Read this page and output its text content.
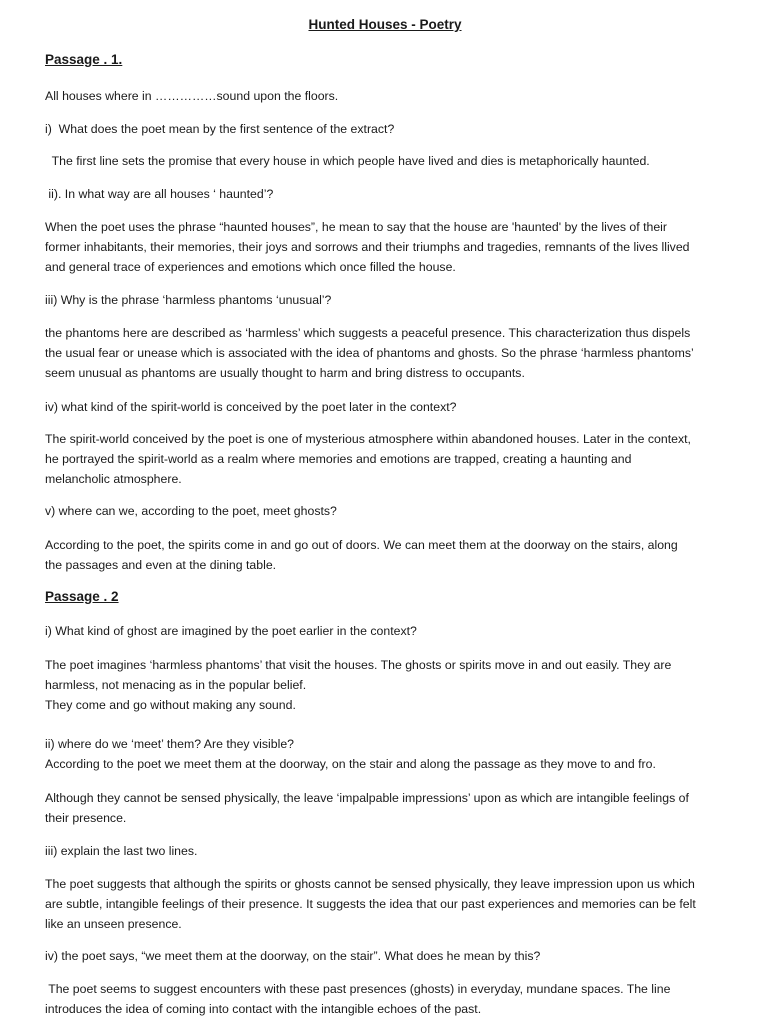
Hunted Houses - Poetry
Passage . 1.

All houses where in ……………sound upon the floors.

i)  What does the poet mean by the first sentence of the extract?

The first line sets the promise that every house in which people have lived and dies is metaphorically haunted.

ii). In what way are all houses ‘ haunted’?

When the poet uses the phrase “haunted houses”, he mean to say that the house are 'haunted' by the lives of their
former inhabitants, their memories, their joys and sorrows and their triumphs and tragedies, remnants of the lives llived
and general trace of experiences and emotions which once filled the house.

iii) Why is the phrase ‘harmless phantoms ‘unusual’?

the phantoms here are described as ‘harmless’ which suggests a peaceful presence. This characterization thus dispels
the usual fear or unease which is associated with the idea of phantoms and ghosts. So the phrase ‘harmless phantoms’
seem unusual as phantoms are usually thought to harm and bring distress to occupants.

iv) what kind of the spirit-world is conceived by the poet later in the context?

The spirit-world conceived by the poet is one of mysterious atmosphere within abandoned houses. Later in the context,
he portrayed the spirit-world as a realm where memories and emotions are trapped, creating a haunting and
melancholic atmosphere.

v) where can we, according to the poet, meet ghosts?

According to the poet, the spirits come in and go out of doors. We can meet them at the doorway on the stairs, along
the passages and even at the dining table.

Passage . 2

i) What kind of ghost are imagined by the poet earlier in the context?

The poet imagines ‘harmless phantoms’ that visit the houses. The ghosts or spirits move in and out easily. They are
harmless, not menacing as in the popular belief.
They come and go without making any sound.

ii) where do we ‘meet’ them? Are they visible?
According to the poet we meet them at the doorway, on the stair and along the passage as they move to and fro.

Although they cannot be sensed physically, the leave ‘impalpable impressions’ upon as which are intangible feelings of
their presence.

iii) explain the last two lines.

The poet suggests that although the spirits or ghosts cannot be sensed physically, they leave impression upon us which
are subtle, intangible feelings of their presence. It suggests the idea that our past experiences and memories can be felt
like an unseen presence.

iv) the poet says, “we meet them at the doorway, on the stair”. What does he mean by this?

The poet seems to suggest encounters with these past presences (ghosts) in everyday, mundane spaces. The line
introduces the idea of coming into contact with the intangible echoes of the past.
